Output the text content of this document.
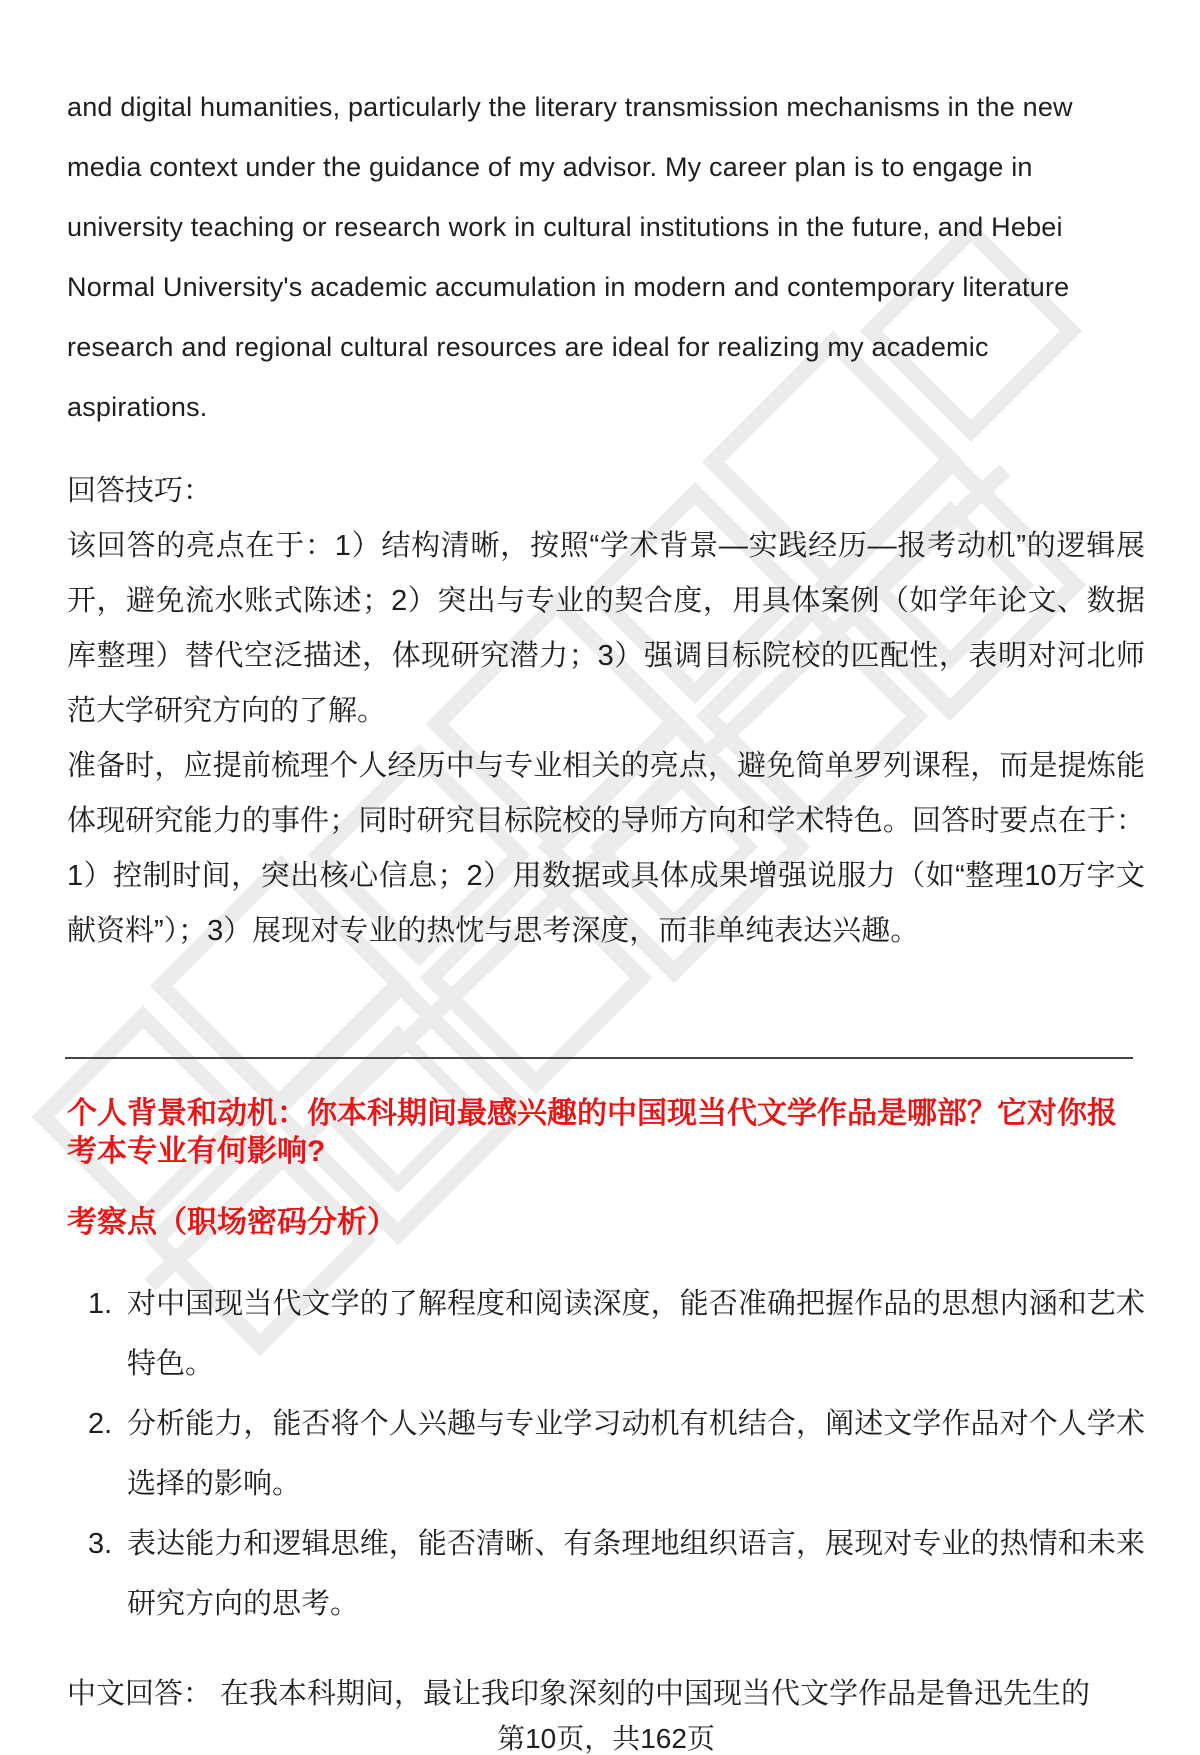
and digital humanities, particularly the literary transmission mechanisms in the new media context under the guidance of my advisor. My career plan is to engage in university teaching or research work in cultural institutions in the future, and Hebei Normal University's academic accumulation in modern and contemporary literature research and regional cultural resources are ideal for realizing my academic aspirations.

回答技巧：
该回答的亮点在于：1）结构清晰，按照“学术背景—实践经历—报考动机”的逻辑展开，避免流水账式陈述；2）突出与专业的契合度，用具体案例（如学年论文、数据库整理）替代空泛描述，体现研究潜力；3）强调目标院校的匹配性，表明对河北师范大学研究方向的了解。
准备时，应提前梳理个人经历中与专业相关的亮点，避免简单罗列课程，而是提炼能体现研究能力的事件；同时研究目标院校的导师方向和学术特色。回答时要点在于：1）控制时间，突出核心信息；2）用数据或具体成果增强说服力（如“整理10万字文献资料”）；3）展现对专业的热忱与思考深度，而非单纯表达兴趣。
个人背景和动机：你本科期间最感兴趣的中国现当代文学作品是哪部？它对你报考本专业有何影响?
考察点（职场密码分析）
1. 对中国现当代文学的了解程度和阅读深度，能否准确把握作品的思想内涵和艺术特色。
2. 分析能力，能否将个人兴趣与专业学习动机有机结合，阐述文学作品对个人学术选择的影响。
3. 表达能力和逻辑思维，能否清晰、有条理地组织语言，展现对专业的热情和未来研究方向的思考。
中文回答： 在我本科期间，最让我印象深刻的中国现当代文学作品是鲁迅先生的
第10页，共162页
